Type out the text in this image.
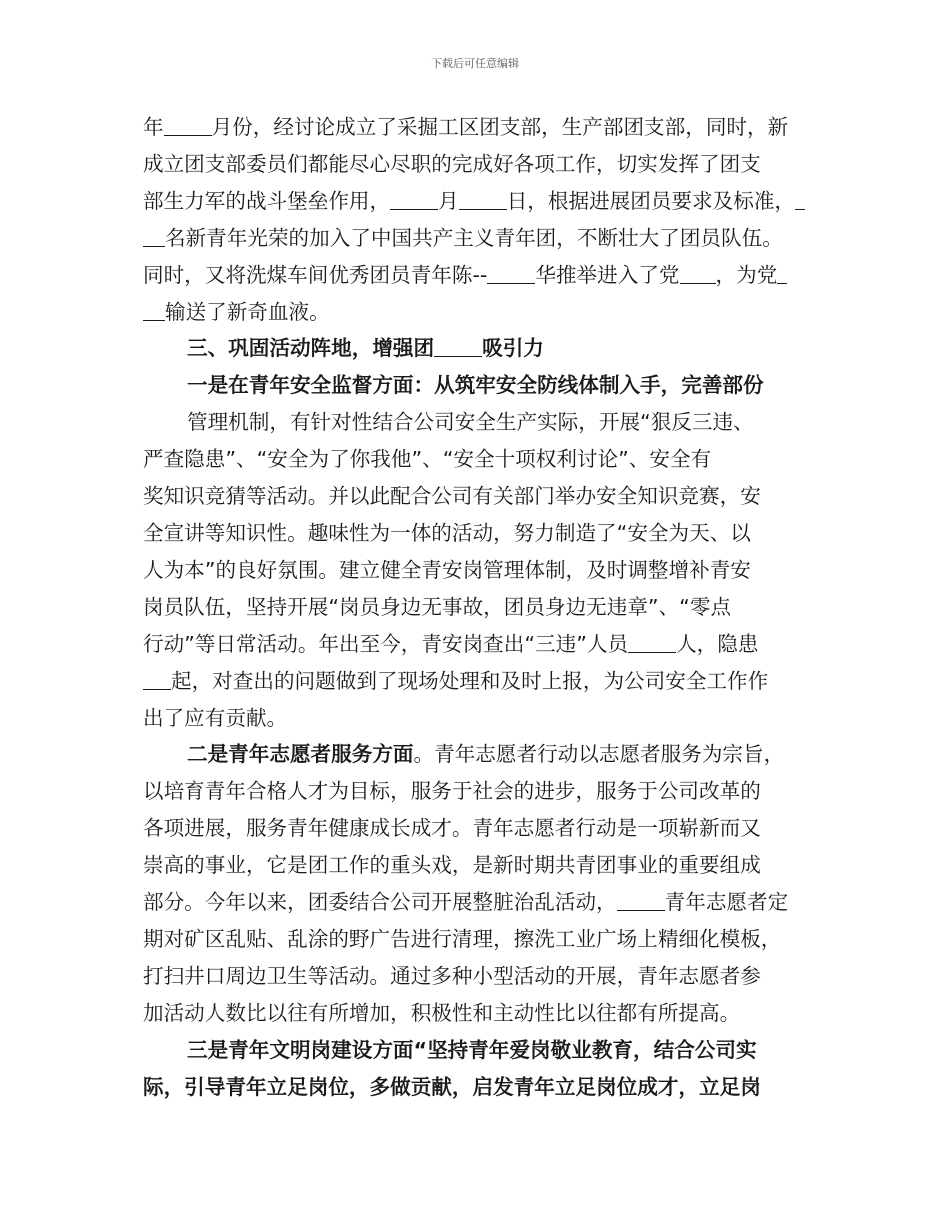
下载后可任意编辑
年 月份，经讨论成立了采掘工区团支部，生产部团支部，同时，新
成立团支部委员们都能尽心尽职的完成好各项工作，切实发挥了团支
部生力军的战斗堡垒作用， 月 日，根据进展团员要求及标准，
名新青年光荣的加入了中国共产主义青年团，不断壮大了团员队伍。
同时，又将洗煤车间优秀团员青年陈-- 华推举进入了党 ，为党
输送了新奇血液。
三、巩固活动阵地，增强团 吸引力
一是在青年安全监督方面：从筑牢安全防线体制入手，完善部份
管理机制，有针对性结合公司安全生产实际，开展“狠反三违、
严查隐患”、“安全为了你我他”、“安全十项权利讨论”、安全有
奖知识竞猜等活动。并以此配合公司有关部门举办安全知识竞赛，安
全宣讲等知识性。趣味性为一体的活动，努力制造了“安全为天、以
人为本”的良好氛围。建立健全青安岗管理体制，及时调整增补青安
岗员队伍，坚持开展“岗员身边无事故，团员身边无违章”、“零点
行动”等日常活动。年出至今，青安岗查出“三违”人员 人，隐患
起，对查出的问题做到了现场处理和及时上报，为公司安全工作作
出了应有贡献。
二是青年志愿者服务方面。青年志愿者行动以志愿者服务为宗旨，
以培育青年合格人才为目标，服务于社会的进步，服务于公司改革的
各项进展，服务青年健康成长成才。青年志愿者行动是一项崭新而又
崇高的事业，它是团工作的重头戏，是新时期共青团事业的重要组成
部分。今年以来，团委结合公司开展整脏治乱活动， 青年志愿者定
期对矿区乱贴、乱涂的野广告进行清理，擦洗工业广场上精细化模板，
打扫井口周边卫生等活动。通过多种小型活动的开展，青年志愿者参
加活动人数比以往有所增加，积极性和主动性比以往都有所提高。
三是青年文明岗建设方面“坚持青年爱岗敬业教育，结合公司实
际，引导青年立足岗位，多做贡献，启发青年立足岗位成才，立足岗
